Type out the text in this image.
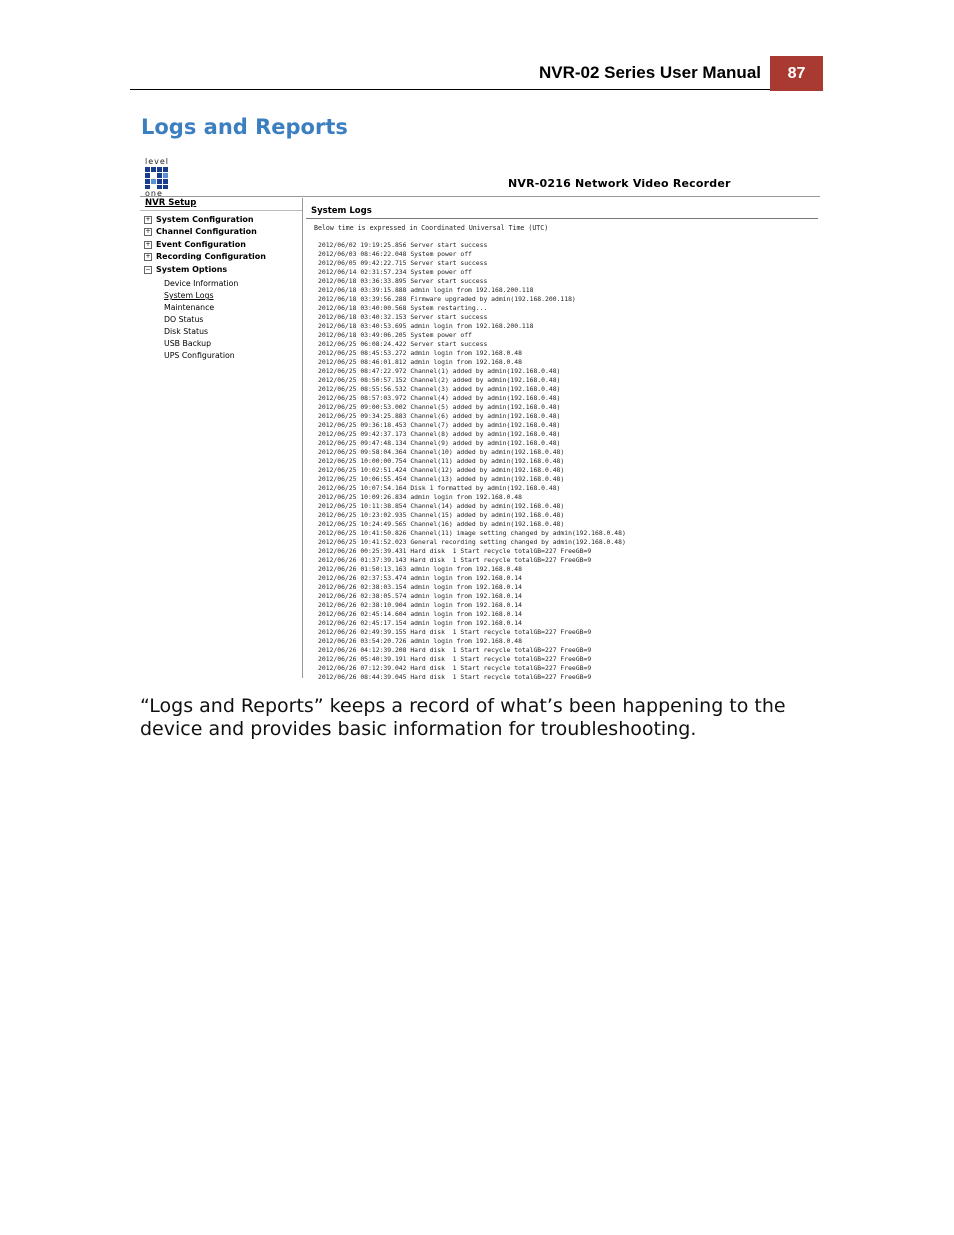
NVR-02 Series User Manual	87
Logs and Reports
level
one
NVR-0216 Network Video Recorder
NVR Setup
+ System Configuration
+ Channel Configuration
+ Event Configuration
+ Recording Configuration
− System Options
Device Information
System Logs
Maintenance
DO Status
Disk Status
USB Backup
UPS Configuration
System Logs
Below time is expressed in Coordinated Universal Time (UTC)
2012/06/02 19:19:25.856 Server start success
2012/06/03 08:46:22.048 System power off
2012/06/05 09:42:22.715 Server start success
2012/06/14 02:31:57.234 System power off
2012/06/18 03:36:33.895 Server start success
2012/06/18 03:39:15.888 admin login from 192.168.200.118
2012/06/18 03:39:56.288 Firmware upgraded by admin(192.168.200.118)
2012/06/18 03:40:00.568 System restarting...
2012/06/18 03:40:32.153 Server start success
2012/06/18 03:40:53.695 admin login from 192.168.200.118
2012/06/18 03:49:06.205 System power off
2012/06/25 06:08:24.422 Server start success
2012/06/25 08:45:53.272 admin login from 192.168.0.48
2012/06/25 08:46:01.812 admin login from 192.168.0.48
2012/06/25 08:47:22.972 Channel(1) added by admin(192.168.0.48)
2012/06/25 08:50:57.152 Channel(2) added by admin(192.168.0.48)
2012/06/25 08:55:56.532 Channel(3) added by admin(192.168.0.48)
2012/06/25 08:57:03.972 Channel(4) added by admin(192.168.0.48)
2012/06/25 09:00:53.002 Channel(5) added by admin(192.168.0.48)
2012/06/25 09:34:25.883 Channel(6) added by admin(192.168.0.48)
2012/06/25 09:36:18.453 Channel(7) added by admin(192.168.0.48)
2012/06/25 09:42:37.173 Channel(8) added by admin(192.168.0.48)
2012/06/25 09:47:48.134 Channel(9) added by admin(192.168.0.48)
2012/06/25 09:58:04.364 Channel(10) added by admin(192.168.0.48)
2012/06/25 10:00:00.754 Channel(11) added by admin(192.168.0.48)
2012/06/25 10:02:51.424 Channel(12) added by admin(192.168.0.48)
2012/06/25 10:06:55.454 Channel(13) added by admin(192.168.0.48)
2012/06/25 10:07:54.164 Disk 1 formatted by admin(192.168.0.48)
2012/06/25 10:09:26.834 admin login from 192.168.0.48
2012/06/25 10:11:38.854 Channel(14) added by admin(192.168.0.48)
2012/06/25 10:23:02.935 Channel(15) added by admin(192.168.0.48)
2012/06/25 10:24:49.565 Channel(16) added by admin(192.168.0.48)
2012/06/25 10:41:50.826 Channel(11) image setting changed by admin(192.168.0.48)
2012/06/25 10:41:52.023 General recording setting changed by admin(192.168.0.48)
2012/06/26 00:25:39.431 Hard disk  1 Start recycle totalGB=227 FreeGB=9
2012/06/26 01:37:39.143 Hard disk  1 Start recycle totalGB=227 FreeGB=9
2012/06/26 01:50:13.163 admin login from 192.168.0.48
2012/06/26 02:37:53.474 admin login from 192.168.0.14
2012/06/26 02:38:03.154 admin login from 192.168.0.14
2012/06/26 02:38:05.574 admin login from 192.168.0.14
2012/06/26 02:38:10.904 admin login from 192.168.0.14
2012/06/26 02:45:14.604 admin login from 192.168.0.14
2012/06/26 02:45:17.154 admin login from 192.168.0.14
2012/06/26 02:49:39.155 Hard disk  1 Start recycle totalGB=227 FreeGB=9
2012/06/26 03:54:20.726 admin login from 192.168.0.48
2012/06/26 04:12:39.208 Hard disk  1 Start recycle totalGB=227 FreeGB=9
2012/06/26 05:40:39.191 Hard disk  1 Start recycle totalGB=227 FreeGB=9
2012/06/26 07:12:39.042 Hard disk  1 Start recycle totalGB=227 FreeGB=9
2012/06/26 08:44:39.045 Hard disk  1 Start recycle totalGB=227 FreeGB=9

“Logs and Reports” keeps a record of what’s been happening to the device and provides basic information for troubleshooting.
